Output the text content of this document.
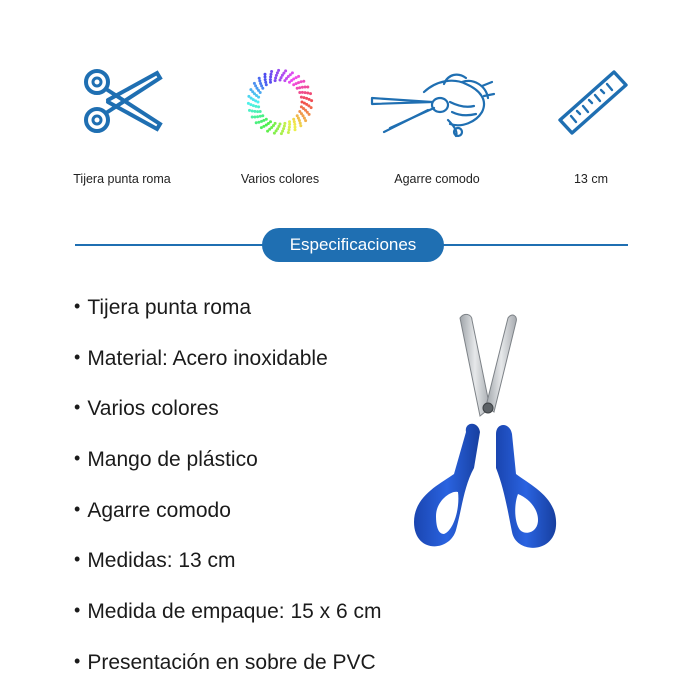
Tijera punta roma	Varios colores	Agarre comodo	13 cm
Especificaciones
• Tijera punta roma
• Material: Acero inoxidable
• Varios colores
• Mango de plástico
• Agarre comodo
• Medidas: 13 cm
• Medida de empaque: 15 x 6 cm
• Presentación en sobre de PVC
